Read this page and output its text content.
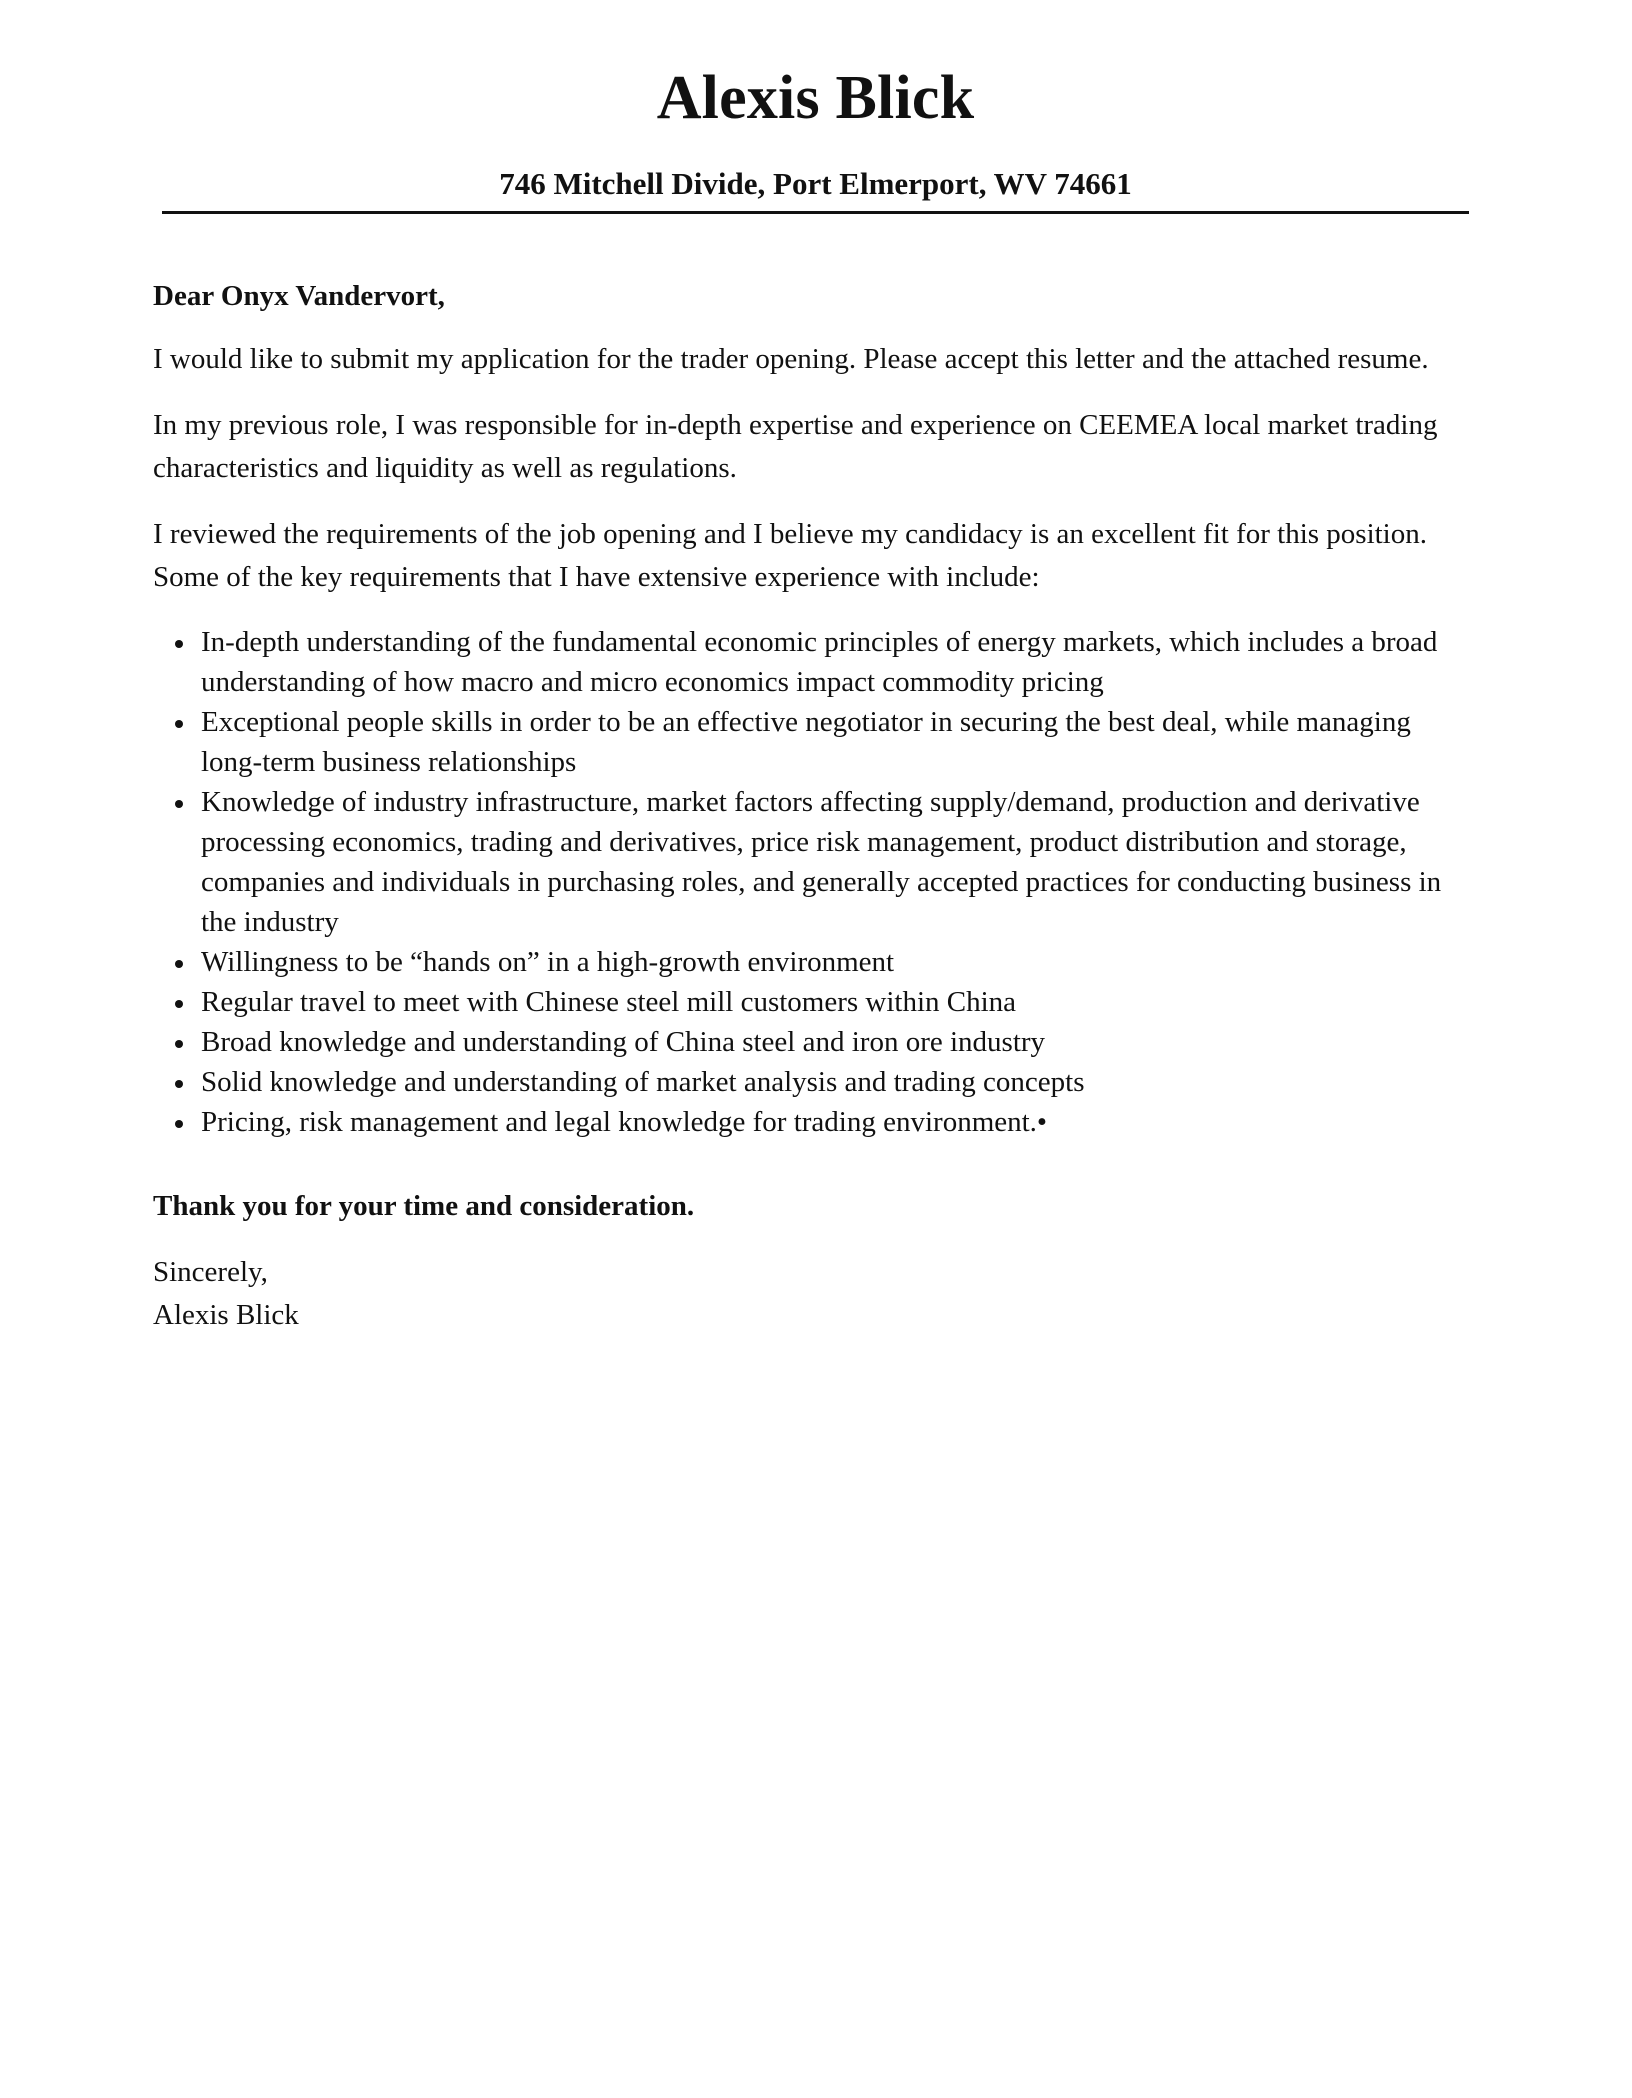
Alexis Blick

746 Mitchell Divide, Port Elmerport, WV 74661

Dear Onyx Vandervort,

I would like to submit my application for the trader opening. Please accept this letter and the attached resume.

In my previous role, I was responsible for in-depth expertise and experience on CEEMEA local market trading characteristics and liquidity as well as regulations.

I reviewed the requirements of the job opening and I believe my candidacy is an excellent fit for this position. Some of the key requirements that I have extensive experience with include:

In-depth understanding of the fundamental economic principles of energy markets, which includes a broad understanding of how macro and micro economics impact commodity pricing
Exceptional people skills in order to be an effective negotiator in securing the best deal, while managing long-term business relationships
Knowledge of industry infrastructure, market factors affecting supply/demand, production and derivative processing economics, trading and derivatives, price risk management, product distribution and storage, companies and individuals in purchasing roles, and generally accepted practices for conducting business in the industry
Willingness to be “hands on” in a high-growth environment
Regular travel to meet with Chinese steel mill customers within China
Broad knowledge and understanding of China steel and iron ore industry
Solid knowledge and understanding of market analysis and trading concepts
Pricing, risk management and legal knowledge for trading environment.•

Thank you for your time and consideration.

Sincerely,

Alexis Blick
